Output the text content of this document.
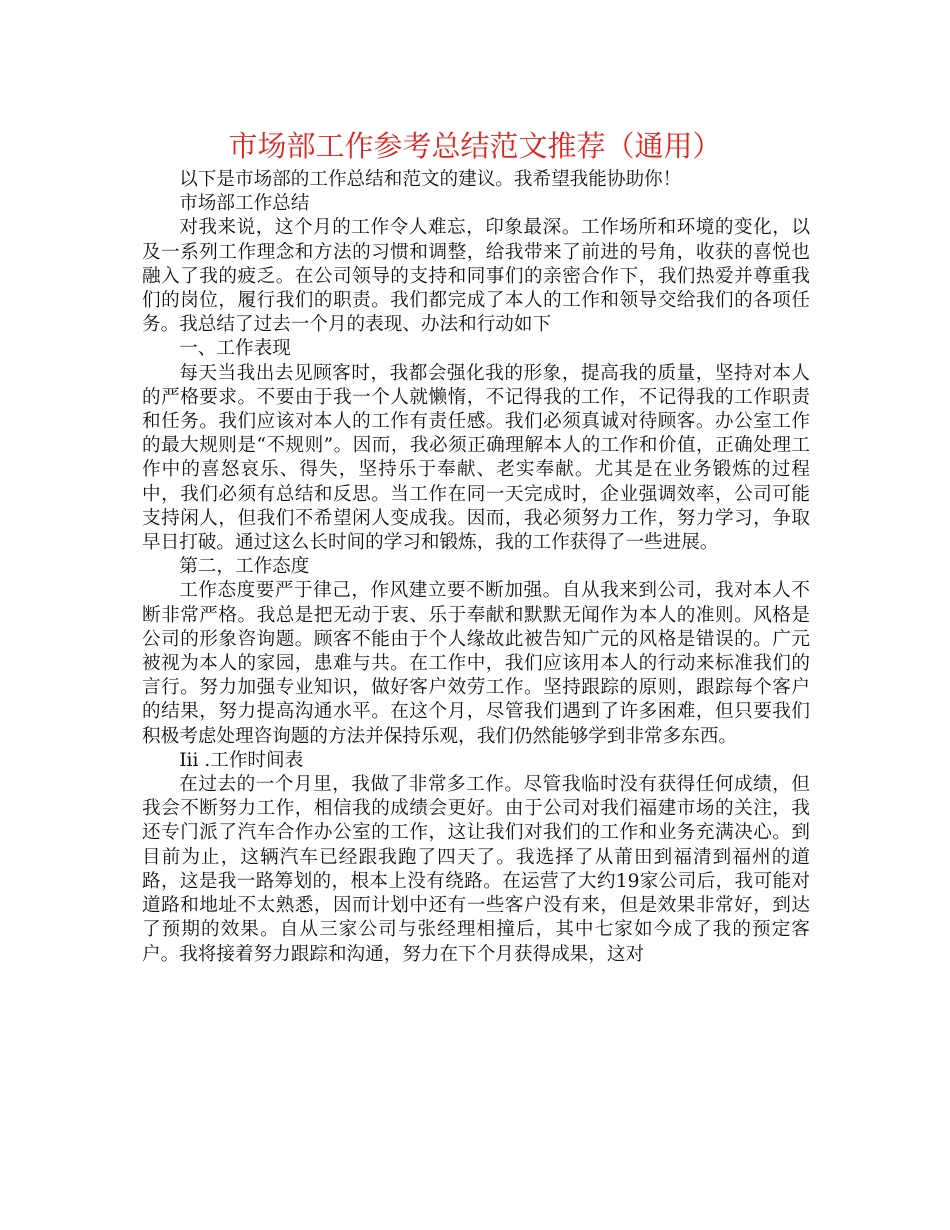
市场部工作参考总结范文推荐（通用）

以下是市场部的工作总结和范文的建议。我希望我能协助你！

市场部工作总结

对我来说，这个月的工作令人难忘，印象最深。工作场所和环境的变化，以及一系列工作理念和方法的习惯和调整，给我带来了前进的号角，收获的喜悦也融入了我的疲乏。在公司领导的支持和同事们的亲密合作下，我们热爱并尊重我们的岗位，履行我们的职责。我们都完成了本人的工作和领导交给我们的各项任务。我总结了过去一个月的表现、办法和行动如下

一、工作表现

每天当我出去见顾客时，我都会强化我的形象，提高我的质量，坚持对本人的严格要求。不要由于我一个人就懒惰，不记得我的工作，不记得我的工作职责和任务。我们应该对本人的工作有责任感。我们必须真诚对待顾客。办公室工作的最大规则是“不规则”。因而，我必须正确理解本人的工作和价值，正确处理工作中的喜怒哀乐、得失，坚持乐于奉献、老实奉献。尤其是在业务锻炼的过程中，我们必须有总结和反思。当工作在同一天完成时，企业强调效率，公司可能支持闲人，但我们不希望闲人变成我。因而，我必须努力工作，努力学习，争取早日打破。通过这么长时间的学习和锻炼，我的工作获得了一些进展。

第二，工作态度

工作态度要严于律己，作风建立要不断加强。自从我来到公司，我对本人不断非常严格。我总是把无动于衷、乐于奉献和默默无闻作为本人的准则。风格是公司的形象咨询题。顾客不能由于个人缘故此被告知广元的风格是错误的。广元被视为本人的家园，患难与共。在工作中，我们应该用本人的行动来标准我们的言行。努力加强专业知识，做好客户效劳工作。坚持跟踪的原则，跟踪每个客户的结果，努力提高沟通水平。在这个月，尽管我们遇到了许多困难，但只要我们积极考虑处理咨询题的方法并保持乐观，我们仍然能够学到非常多东西。

Iii .工作时间表

在过去的一个月里，我做了非常多工作。尽管我临时没有获得任何成绩，但我会不断努力工作，相信我的成绩会更好。由于公司对我们福建市场的关注，我还专门派了汽车合作办公室的工作，这让我们对我们的工作和业务充满决心。到目前为止，这辆汽车已经跟我跑了四天了。我选择了从莆田到福清到福州的道路，这是我一路筹划的，根本上没有绕路。在运营了大约19家公司后，我可能对道路和地址不太熟悉，因而计划中还有一些客户没有来，但是效果非常好，到达了预期的效果。自从三家公司与张经理相撞后，其中七家如今成了我的预定客户。我将接着努力跟踪和沟通，努力在下个月获得成果，这对
